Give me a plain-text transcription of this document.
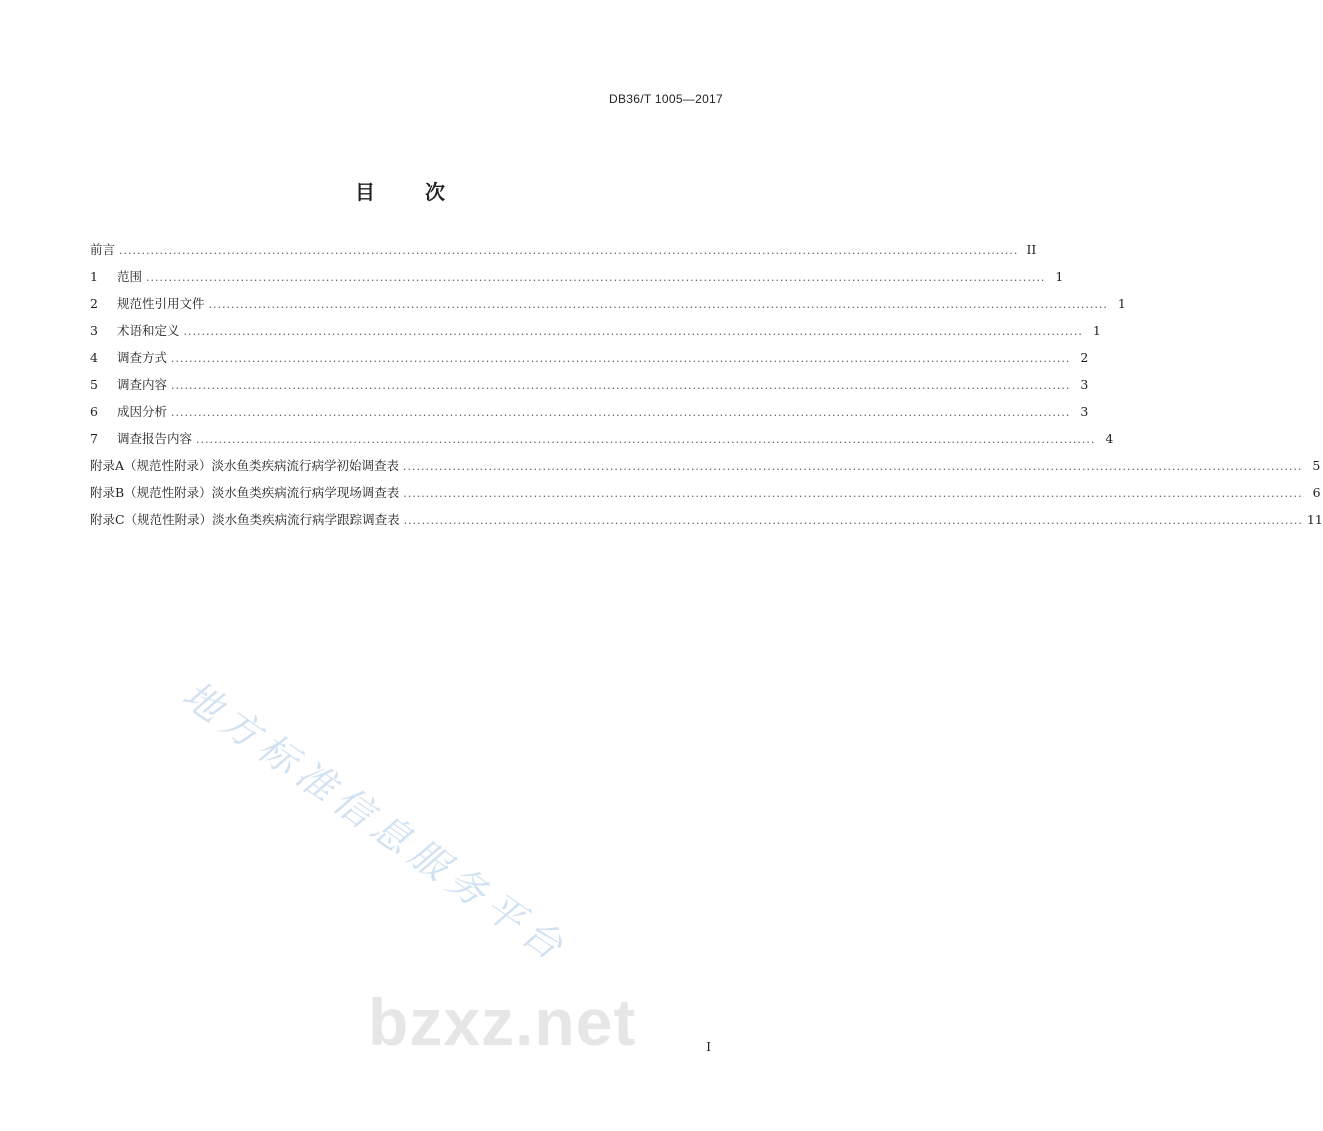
DB36/T 1005—2017
目	次
前言 ........................................................................................................................................................................................................ II
1	范围 ........................................................................................................................................................................................................ 1
2	规范性引用文件 ........................................................................................................................................................................................................ 1
3	术语和定义 ........................................................................................................................................................................................................ 1
4	调查方式 ........................................................................................................................................................................................................ 2
5	调查内容 ........................................................................................................................................................................................................ 3
6	成因分析 ........................................................................................................................................................................................................ 3
7	调查报告内容 ........................................................................................................................................................................................................ 4
附录A（规范性附录） 淡水鱼类疾病流行病学初始调查表 ........................................................................................................................................................................................................ 5
附录B（规范性附录） 淡水鱼类疾病流行病学现场调查表 ........................................................................................................................................................................................................ 6
附录C（规范性附录） 淡水鱼类疾病流行病学跟踪调查表 ........................................................................................................................................................................................................ 11
地方标准信息服务平台
bzxz.net	I
